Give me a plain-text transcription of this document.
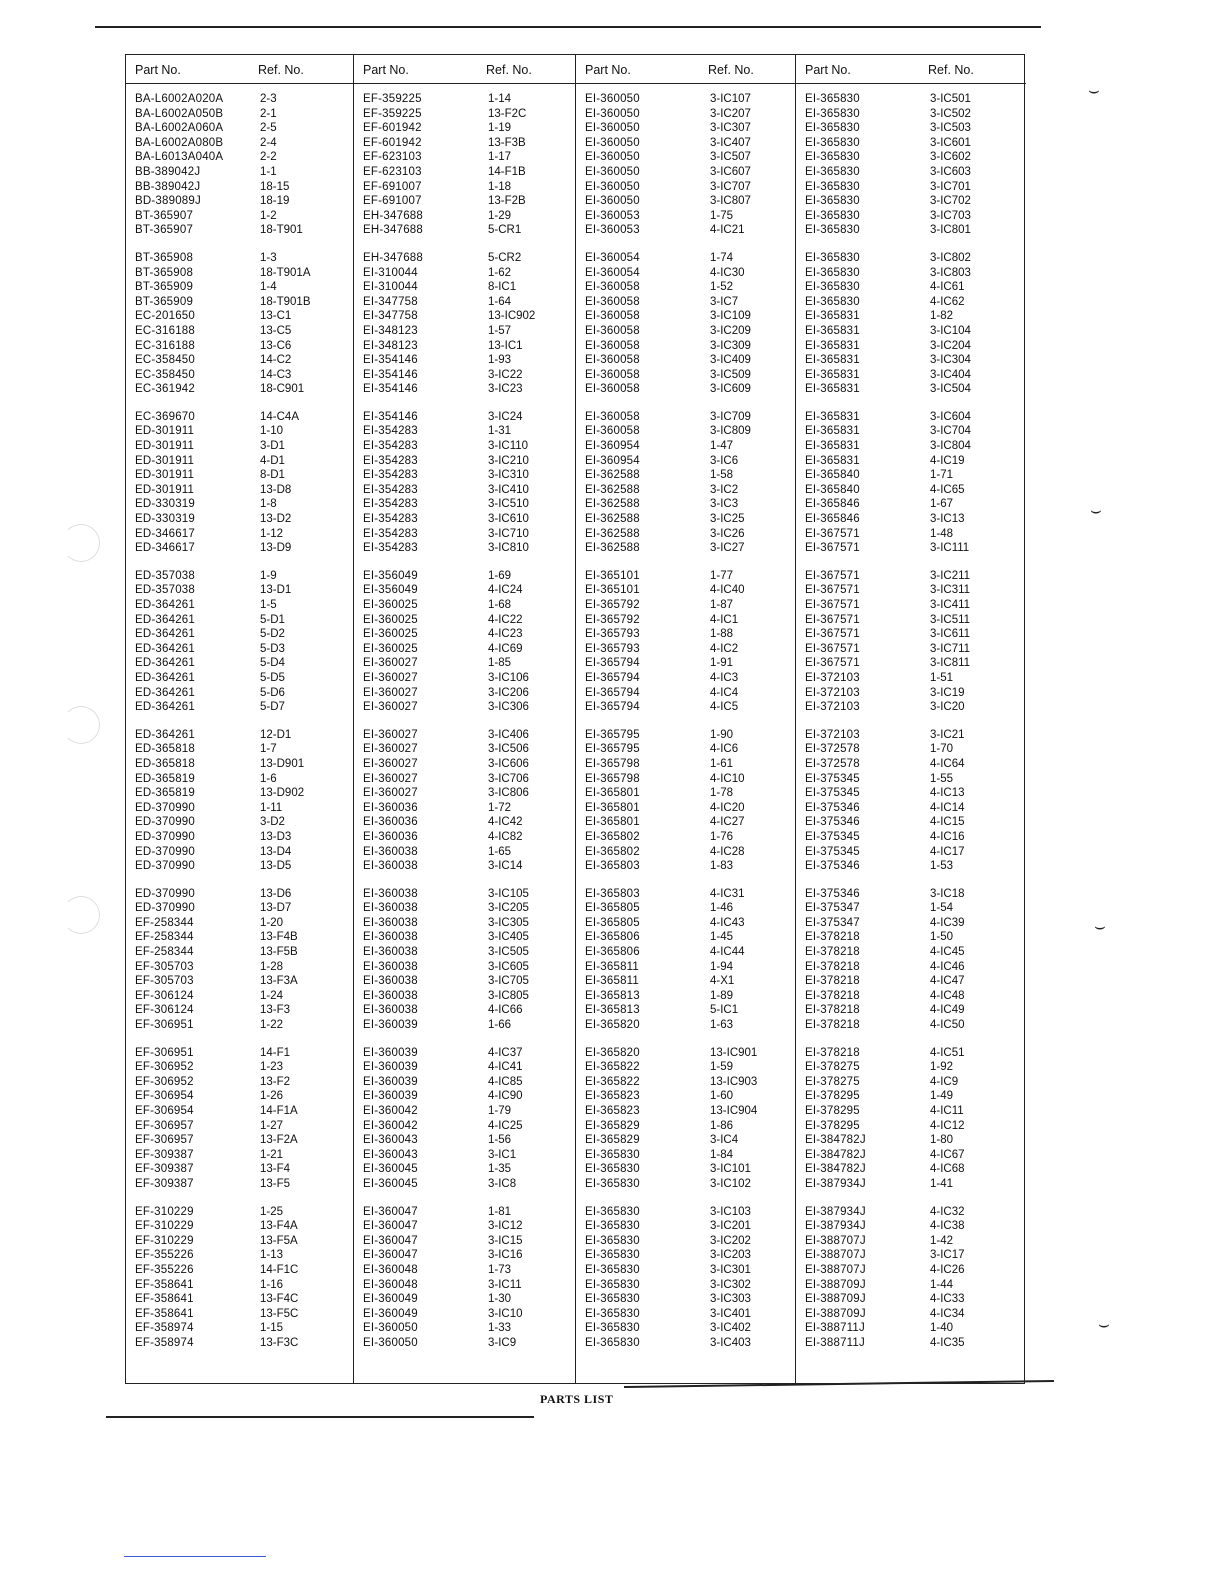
Part No.	Ref. No.
BA-L6002A020A	2-3
BA-L6002A050B	2-1
BA-L6002A060A	2-5
BA-L6002A080B	2-4
BA-L6013A040A	2-2
BB-389042J	1-1
BB-389042J	18-15
BD-389089J	18-19
BT-365907	1-2
BT-365907	18-T901
BT-365908	1-3
BT-365908	18-T901A
BT-365909	1-4
BT-365909	18-T901B
EC-201650	13-C1
EC-316188	13-C5
EC-316188	13-C6
EC-358450	14-C2
EC-358450	14-C3
EC-361942	18-C901
EC-369670	14-C4A
ED-301911	1-10
ED-301911	3-D1
ED-301911	4-D1
ED-301911	8-D1
ED-301911	13-D8
ED-330319	1-8
ED-330319	13-D2
ED-346617	1-12
ED-346617	13-D9
ED-357038	1-9
ED-357038	13-D1
ED-364261	1-5
ED-364261	5-D1
ED-364261	5-D2
ED-364261	5-D3
ED-364261	5-D4
ED-364261	5-D5
ED-364261	5-D6
ED-364261	5-D7
ED-364261	12-D1
ED-365818	1-7
ED-365818	13-D901
ED-365819	1-6
ED-365819	13-D902
ED-370990	1-11
ED-370990	3-D2
ED-370990	13-D3
ED-370990	13-D4
ED-370990	13-D5
ED-370990	13-D6
ED-370990	13-D7
EF-258344	1-20
EF-258344	13-F4B
EF-258344	13-F5B
EF-305703	1-28
EF-305703	13-F3A
EF-306124	1-24
EF-306124	13-F3
EF-306951	1-22
EF-306951	14-F1
EF-306952	1-23
EF-306952	13-F2
EF-306954	1-26
EF-306954	14-F1A
EF-306957	1-27
EF-306957	13-F2A
EF-309387	1-21
EF-309387	13-F4
EF-309387	13-F5
EF-310229	1-25
EF-310229	13-F4A
EF-310229	13-F5A
EF-355226	1-13
EF-355226	14-F1C
EF-358641	1-16
EF-358641	13-F4C
EF-358641	13-F5C
EF-358974	1-15
EF-358974	13-F3C
Part No.	Ref. No.
EF-359225	1-14
EF-359225	13-F2C
EF-601942	1-19
EF-601942	13-F3B
EF-623103	1-17
EF-623103	14-F1B
EF-691007	1-18
EF-691007	13-F2B
EH-347688	1-29
EH-347688	5-CR1
EH-347688	5-CR2
EI-310044	1-62
EI-310044	8-IC1
EI-347758	1-64
EI-347758	13-IC902
EI-348123	1-57
EI-348123	13-IC1
EI-354146	1-93
EI-354146	3-IC22
EI-354146	3-IC23
EI-354146	3-IC24
EI-354283	1-31
EI-354283	3-IC110
EI-354283	3-IC210
EI-354283	3-IC310
EI-354283	3-IC410
EI-354283	3-IC510
EI-354283	3-IC610
EI-354283	3-IC710
EI-354283	3-IC810
EI-356049	1-69
EI-356049	4-IC24
EI-360025	1-68
EI-360025	4-IC22
EI-360025	4-IC23
EI-360025	4-IC69
EI-360027	1-85
EI-360027	3-IC106
EI-360027	3-IC206
EI-360027	3-IC306
EI-360027	3-IC406
EI-360027	3-IC506
EI-360027	3-IC606
EI-360027	3-IC706
EI-360027	3-IC806
EI-360036	1-72
EI-360036	4-IC42
EI-360036	4-IC82
EI-360038	1-65
EI-360038	3-IC14
EI-360038	3-IC105
EI-360038	3-IC205
EI-360038	3-IC305
EI-360038	3-IC405
EI-360038	3-IC505
EI-360038	3-IC605
EI-360038	3-IC705
EI-360038	3-IC805
EI-360038	4-IC66
EI-360039	1-66
EI-360039	4-IC37
EI-360039	4-IC41
EI-360039	4-IC85
EI-360039	4-IC90
EI-360042	1-79
EI-360042	4-IC25
EI-360043	1-56
EI-360043	3-IC1
EI-360045	1-35
EI-360045	3-IC8
EI-360047	1-81
EI-360047	3-IC12
EI-360047	3-IC15
EI-360047	3-IC16
EI-360048	1-73
EI-360048	3-IC11
EI-360049	1-30
EI-360049	3-IC10
EI-360050	1-33
EI-360050	3-IC9
Part No.	Ref. No.
EI-360050	3-IC107
EI-360050	3-IC207
EI-360050	3-IC307
EI-360050	3-IC407
EI-360050	3-IC507
EI-360050	3-IC607
EI-360050	3-IC707
EI-360050	3-IC807
EI-360053	1-75
EI-360053	4-IC21
EI-360054	1-74
EI-360054	4-IC30
EI-360058	1-52
EI-360058	3-IC7
EI-360058	3-IC109
EI-360058	3-IC209
EI-360058	3-IC309
EI-360058	3-IC409
EI-360058	3-IC509
EI-360058	3-IC609
EI-360058	3-IC709
EI-360058	3-IC809
EI-360954	1-47
EI-360954	3-IC6
EI-362588	1-58
EI-362588	3-IC2
EI-362588	3-IC3
EI-362588	3-IC25
EI-362588	3-IC26
EI-362588	3-IC27
EI-365101	1-77
EI-365101	4-IC40
EI-365792	1-87
EI-365792	4-IC1
EI-365793	1-88
EI-365793	4-IC2
EI-365794	1-91
EI-365794	4-IC3
EI-365794	4-IC4
EI-365794	4-IC5
EI-365795	1-90
EI-365795	4-IC6
EI-365798	1-61
EI-365798	4-IC10
EI-365801	1-78
EI-365801	4-IC20
EI-365801	4-IC27
EI-365802	1-76
EI-365802	4-IC28
EI-365803	1-83
EI-365803	4-IC31
EI-365805	1-46
EI-365805	4-IC43
EI-365806	1-45
EI-365806	4-IC44
EI-365811	1-94
EI-365811	4-X1
EI-365813	1-89
EI-365813	5-IC1
EI-365820	1-63
EI-365820	13-IC901
EI-365822	1-59
EI-365822	13-IC903
EI-365823	1-60
EI-365823	13-IC904
EI-365829	1-86
EI-365829	3-IC4
EI-365830	1-84
EI-365830	3-IC101
EI-365830	3-IC102
EI-365830	3-IC103
EI-365830	3-IC201
EI-365830	3-IC202
EI-365830	3-IC203
EI-365830	3-IC301
EI-365830	3-IC302
EI-365830	3-IC303
EI-365830	3-IC401
EI-365830	3-IC402
EI-365830	3-IC403
Part No.	Ref. No.
EI-365830	3-IC501
EI-365830	3-IC502
EI-365830	3-IC503
EI-365830	3-IC601
EI-365830	3-IC602
EI-365830	3-IC603
EI-365830	3-IC701
EI-365830	3-IC702
EI-365830	3-IC703
EI-365830	3-IC801
EI-365830	3-IC802
EI-365830	3-IC803
EI-365830	4-IC61
EI-365830	4-IC62
EI-365831	1-82
EI-365831	3-IC104
EI-365831	3-IC204
EI-365831	3-IC304
EI-365831	3-IC404
EI-365831	3-IC504
EI-365831	3-IC604
EI-365831	3-IC704
EI-365831	3-IC804
EI-365831	4-IC19
EI-365840	1-71
EI-365840	4-IC65
EI-365846	1-67
EI-365846	3-IC13
EI-367571	1-48
EI-367571	3-IC111
EI-367571	3-IC211
EI-367571	3-IC311
EI-367571	3-IC411
EI-367571	3-IC511
EI-367571	3-IC611
EI-367571	3-IC711
EI-367571	3-IC811
EI-372103	1-51
EI-372103	3-IC19
EI-372103	3-IC20
EI-372103	3-IC21
EI-372578	1-70
EI-372578	4-IC64
EI-375345	1-55
EI-375345	4-IC13
EI-375346	4-IC14
EI-375346	4-IC15
EI-375345	4-IC16
EI-375345	4-IC17
EI-375346	1-53
EI-375346	3-IC18
EI-375347	1-54
EI-375347	4-IC39
EI-378218	1-50
EI-378218	4-IC45
EI-378218	4-IC46
EI-378218	4-IC47
EI-378218	4-IC48
EI-378218	4-IC49
EI-378218	4-IC50
EI-378218	4-IC51
EI-378275	1-92
EI-378275	4-IC9
EI-378295	1-49
EI-378295	4-IC11
EI-378295	4-IC12
EI-384782J	1-80
EI-384782J	4-IC67
EI-384782J	4-IC68
EI-387934J	1-41
EI-387934J	4-IC32
EI-387934J	4-IC38
EI-388707J	1-42
EI-388707J	3-IC17
EI-388707J	4-IC26
EI-388709J	1-44
EI-388709J	4-IC33
EI-388709J	4-IC34
EI-388711J	1-40
EI-388711J	4-IC35
PARTS LIST
⌣
⌣
⌣
⌣
